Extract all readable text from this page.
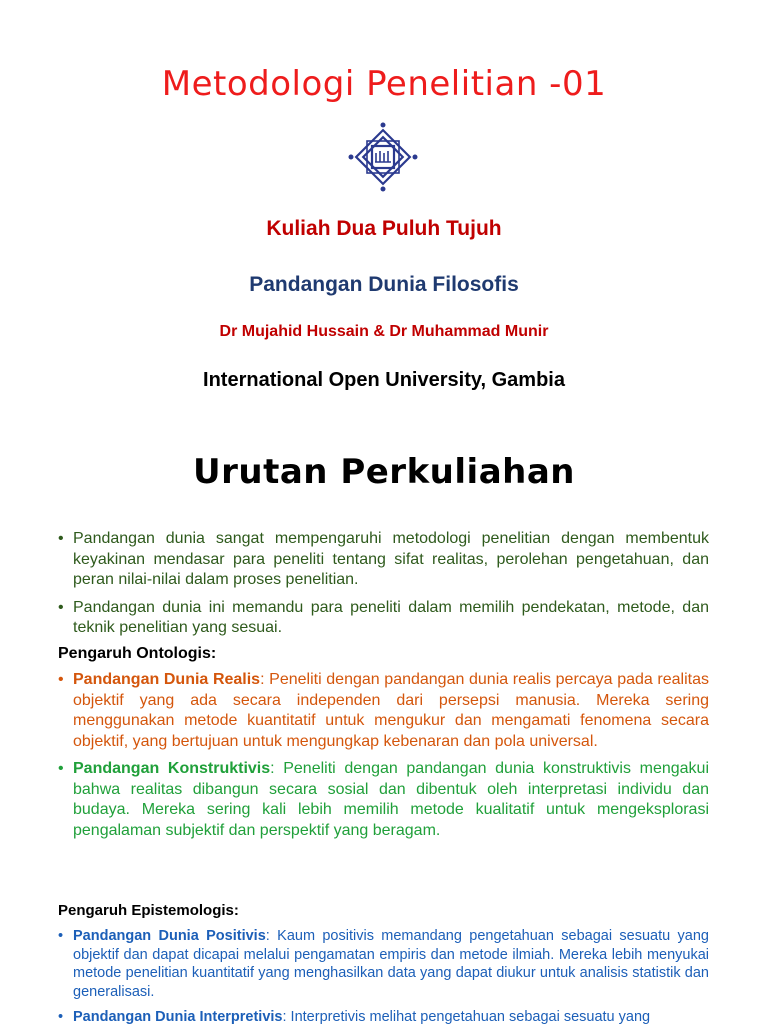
Metodologi Penelitian -01
Kuliah Dua Puluh Tujuh
Pandangan Dunia Filosofis
Dr Mujahid Hussain & Dr Muhammad Munir
International Open University, Gambia
Urutan Perkuliahan
• Pandangan dunia sangat mempengaruhi metodologi penelitian dengan membentuk keyakinan mendasar para peneliti tentang sifat realitas, perolehan pengetahuan, dan peran nilai-nilai dalam proses penelitian.
• Pandangan dunia ini memandu para peneliti dalam memilih pendekatan, metode, dan teknik penelitian yang sesuai.
Pengaruh Ontologis:
• Pandangan Dunia Realis: Peneliti dengan pandangan dunia realis percaya pada realitas objektif yang ada secara independen dari persepsi manusia. Mereka sering menggunakan metode kuantitatif untuk mengukur dan mengamati fenomena secara objektif, yang bertujuan untuk mengungkap kebenaran dan pola universal.
• Pandangan Konstruktivis: Peneliti dengan pandangan dunia konstruktivis mengakui bahwa realitas dibangun secara sosial dan dibentuk oleh interpretasi individu dan budaya. Mereka sering kali lebih memilih metode kualitatif untuk mengeksplorasi pengalaman subjektif dan perspektif yang beragam.
Pengaruh Epistemologis:
• Pandangan Dunia Positivis: Kaum positivis memandang pengetahuan sebagai sesuatu yang objektif dan dapat dicapai melalui pengamatan empiris dan metode ilmiah. Mereka lebih menyukai metode penelitian kuantitatif yang menghasilkan data yang dapat diukur untuk analisis statistik dan generalisasi.
• Pandangan Dunia Interpretivis: Interpretivis melihat pengetahuan sebagai sesuatu yang
